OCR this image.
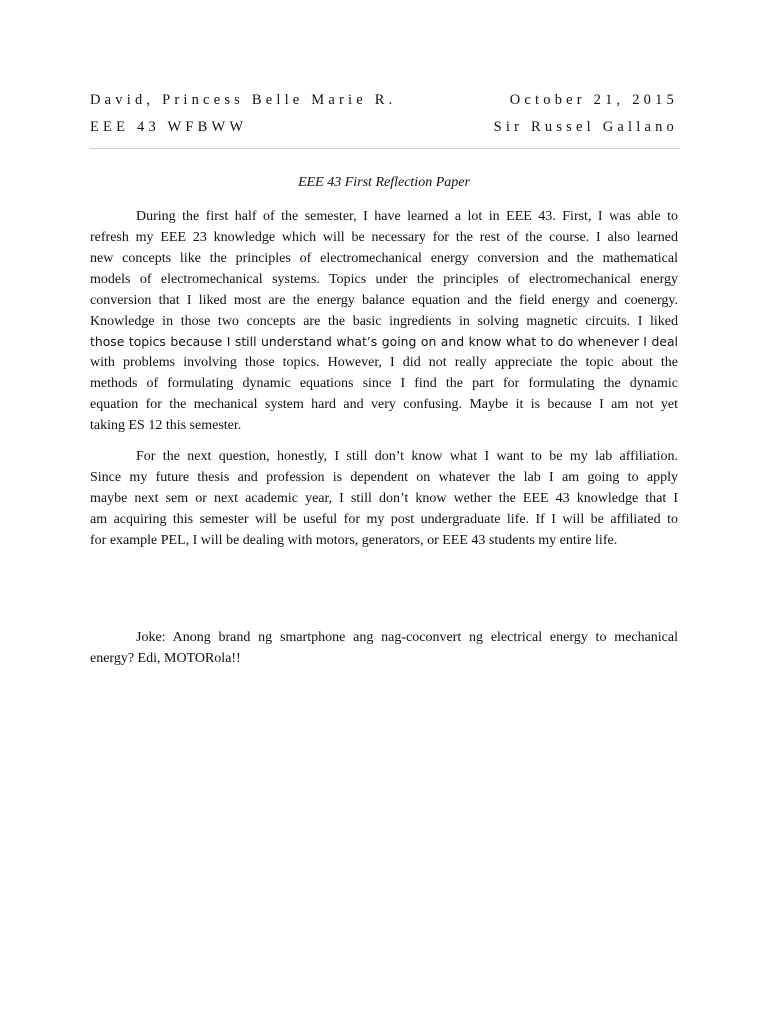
David, Princess Belle Marie R.	October 21, 2015
EEE 43 WFBWW	Sir Russel Gallano
EEE 43 First Reflection Paper
During the first half of the semester, I have learned a lot in EEE 43. First, I was able to
refresh my EEE 23 knowledge which will be necessary for the rest of the course. I also learned
new concepts like the principles of electromechanical energy conversion and the mathematical
models of electromechanical systems. Topics under the principles of electromechanical energy
conversion that I liked most are the energy balance equation and the field energy and coenergy.
Knowledge in those two concepts are the basic ingredients in solving magnetic circuits. I liked
those topics because I still understand what’s going on and know what to do whenever I deal
with problems involving those topics. However, I did not really appreciate the topic about the
methods of formulating dynamic equations since I find the part for formulating the dynamic
equation for the mechanical system hard and very confusing. Maybe it is because I am not yet
taking ES 12 this semester.
For the next question, honestly, I still don’t know what I want to be my lab affiliation.
Since my future thesis and profession is dependent on whatever the lab I am going to apply
maybe next sem or next academic year, I still don’t know wether the EEE 43 knowledge that I
am acquiring this semester will be useful for my post undergraduate life. If I will be affiliated to
for example PEL, I will be dealing with motors, generators, or EEE 43 students my entire life.
Joke: Anong brand ng smartphone ang nag-coconvert ng electrical energy to mechanical
energy? Edi, MOTORola!!
